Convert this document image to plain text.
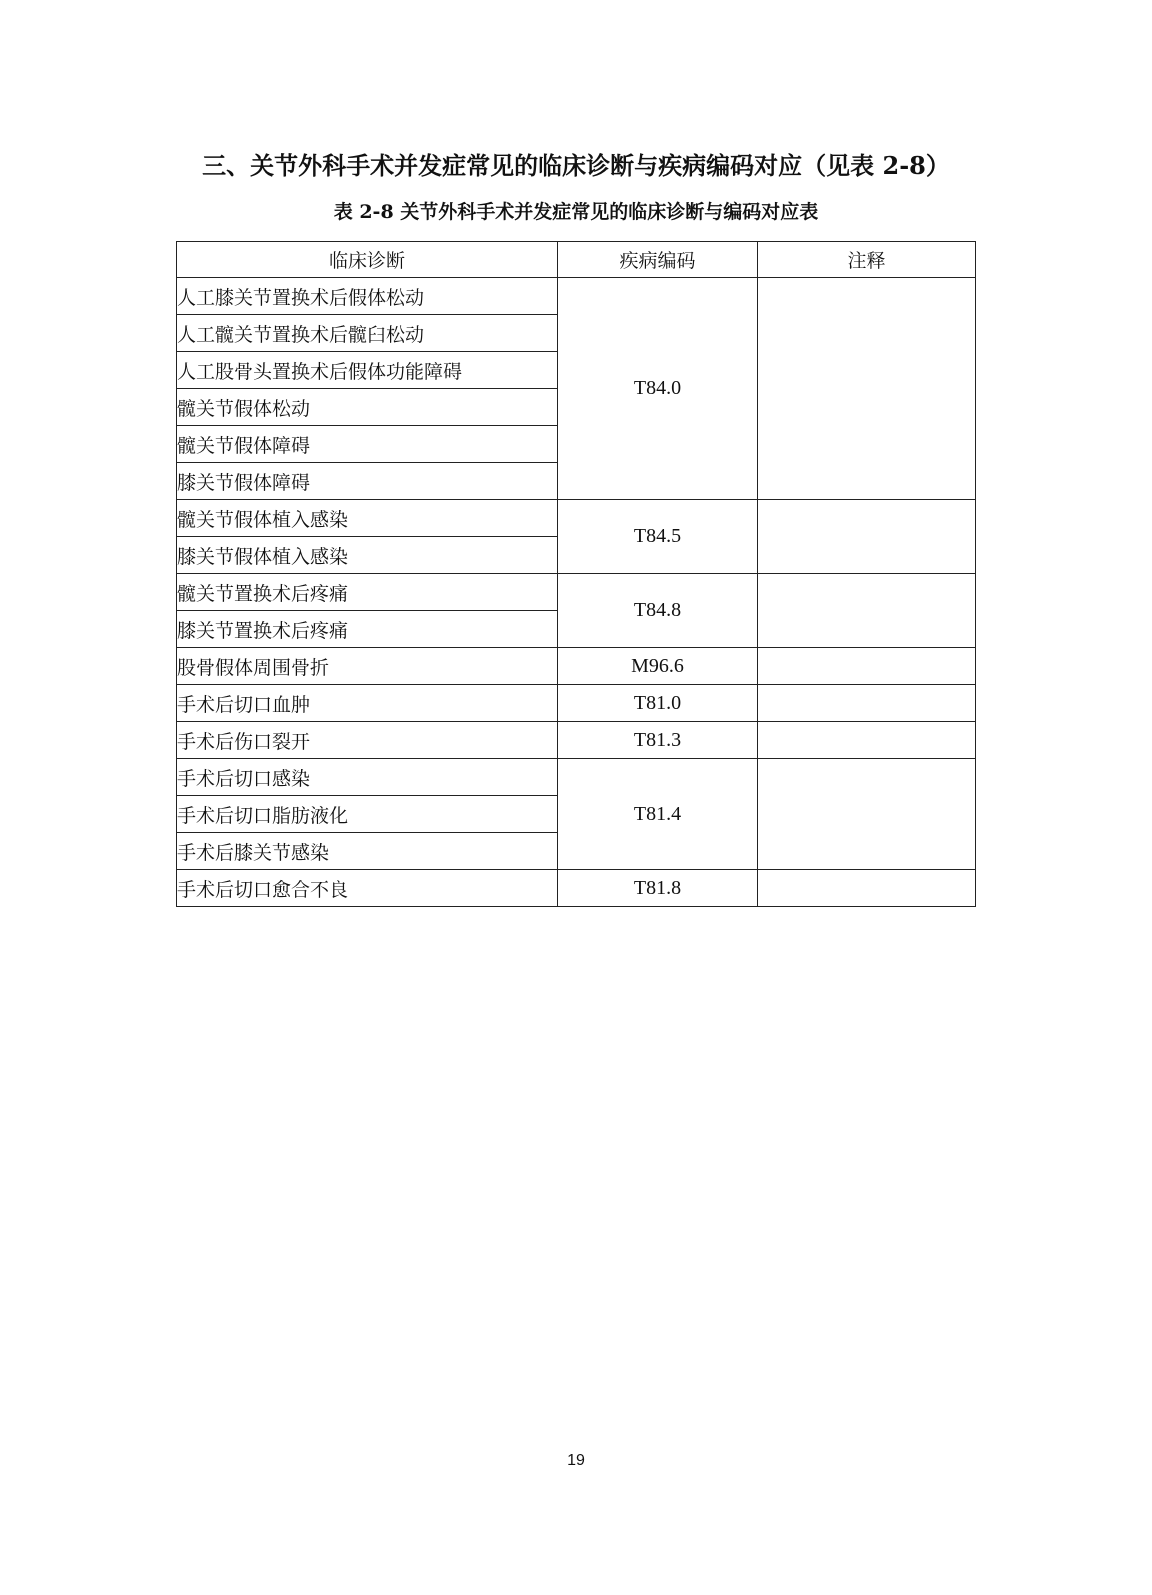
三、关节外科手术并发症常见的临床诊断与疾病编码对应（见表 2-8）
表 2-8 关节外科手术并发症常见的临床诊断与编码对应表
临床诊断	疾病编码	注释
人工膝关节置换术后假体松动	T84.0	
人工髋关节置换术后髋臼松动		
人工股骨头置换术后假体功能障碍		
髋关节假体松动		
髋关节假体障碍		
膝关节假体障碍		
髋关节假体植入感染	T84.5	
膝关节假体植入感染		
髋关节置换术后疼痛	T84.8	
膝关节置换术后疼痛		
股骨假体周围骨折	M96.6	
手术后切口血肿	T81.0	
手术后伤口裂开	T81.3	
手术后切口感染	T81.4	
手术后切口脂肪液化		
手术后膝关节感染		
手术后切口愈合不良	T81.8	
19
